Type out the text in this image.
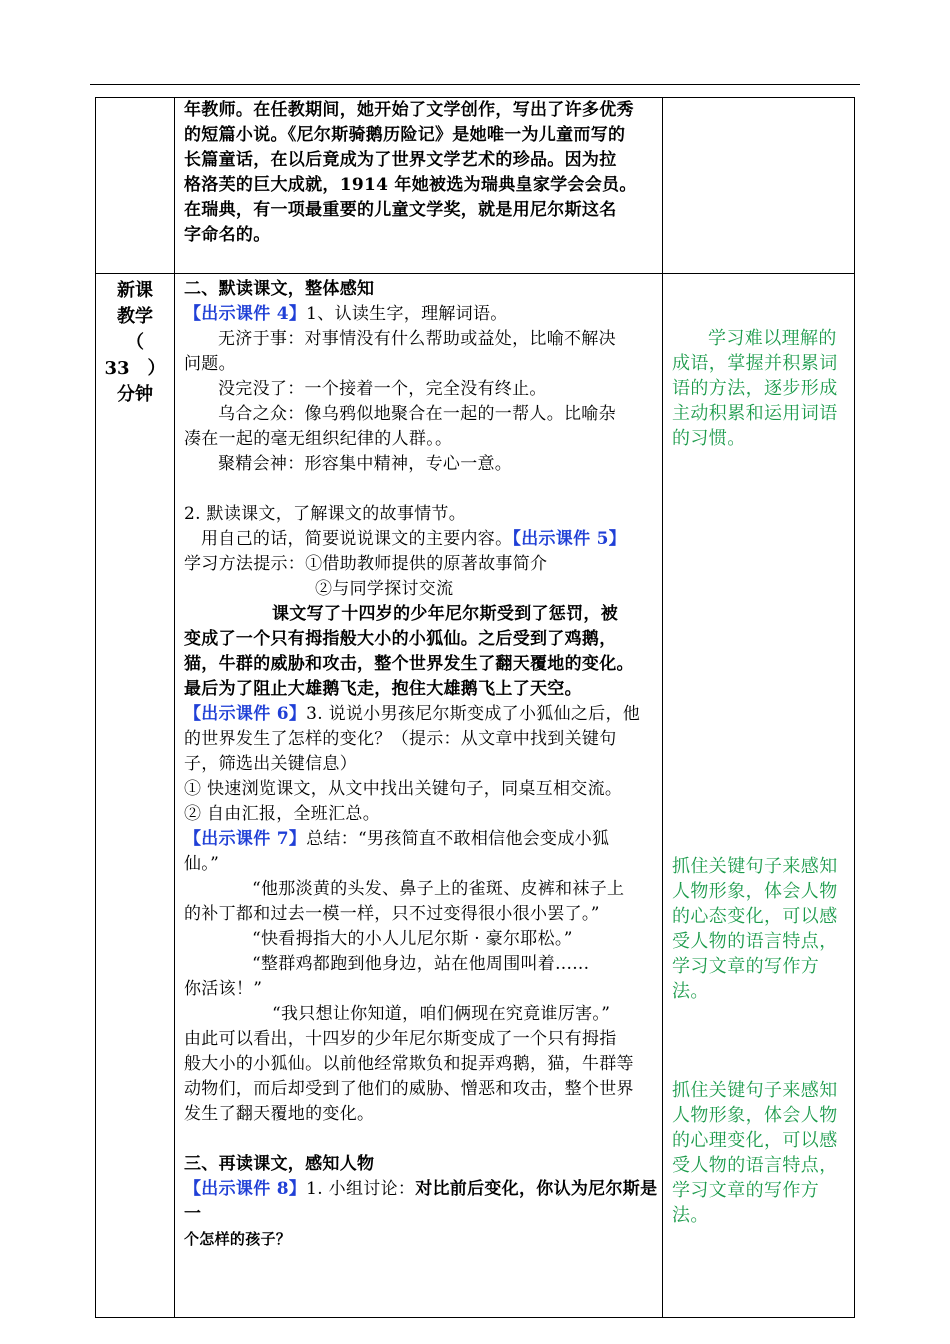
年教师。在任教期间，她开始了文学创作，写出了许多优秀

的短篇小说。《尼尔斯骑鹅历险记》是她唯一为儿童而写的

长篇童话，在以后竟成为了世界文学艺术的珍品。因为拉

格洛芙的巨大成就，1914 年她被选为瑞典皇家学会会员。

在瑞典，有一项最重要的儿童文学奖，就是用尼尔斯这名

字命名的。

新课
教学
（　33　）
分钟

二、默读课文，整体感知

【出示课件 4】1、认读生字，理解词语。

无济于事：对事情没有什么帮助或益处，比喻不解决

问题。

没完没了：一个接着一个，完全没有终止。

乌合之众：像乌鸦似地聚合在一起的一帮人。比喻杂

凑在一起的毫无组织纪律的人群。。

聚精会神：形容集中精神，专心一意。

2. 默读课文，了解课文的故事情节。

用自己的话，简要说说课文的主要内容。【出示课件 5】

学习方法提示：①借助教师提供的原著故事简介

②与同学探讨交流

课文写了十四岁的少年尼尔斯受到了惩罚，被

变成了一个只有拇指般大小的小狐仙。之后受到了鸡鹅，

猫，牛群的威胁和攻击，整个世界发生了翻天覆地的变化。

最后为了阻止大雄鹅飞走，抱住大雄鹅飞上了天空。

【出示课件 6】3. 说说小男孩尼尔斯变成了小狐仙之后，他

的世界发生了怎样的变化？（提示：从文章中找到关键句

子，筛选出关键信息）

① 快速浏览课文，从文中找出关键句子，同桌互相交流。

② 自由汇报，全班汇总。

【出示课件 7】总结：“男孩简直不敢相信他会变成小狐

仙。”

“他那淡黄的头发、鼻子上的雀斑、皮裤和袜子上

的补丁都和过去一模一样，只不过变得很小很小罢了。”

“快看拇指大的小人儿尼尔斯 · 豪尔耶松。”

“整群鸡都跑到他身边，站在他周围叫着......

你活该！”

“我只想让你知道，咱们俩现在究竟谁厉害。”

由此可以看出，十四岁的少年尼尔斯变成了一个只有拇指

般大小的小狐仙。以前他经常欺负和捉弄鸡鹅，猫，牛群等

动物们，而后却受到了他们的威胁、憎恶和攻击，整个世界

发生了翻天覆地的变化。

三、再读课文，感知人物

【出示课件 8】1. 小组讨论：对比前后变化，你认为尼尔斯是一

个怎样的孩子？

学习难以理解的成语，掌握并积累词语的方法，逐步形成主动积累和运用词语的习惯。
抓住关键句子来感知
人物形象，体会人物
的心态变化，可以感
受人物的语言特点，
学习文章的写作方
法。
抓住关键句子来感知
人物形象，体会人物
的心理变化，可以感
受人物的语言特点，
学习文章的写作方
法。
